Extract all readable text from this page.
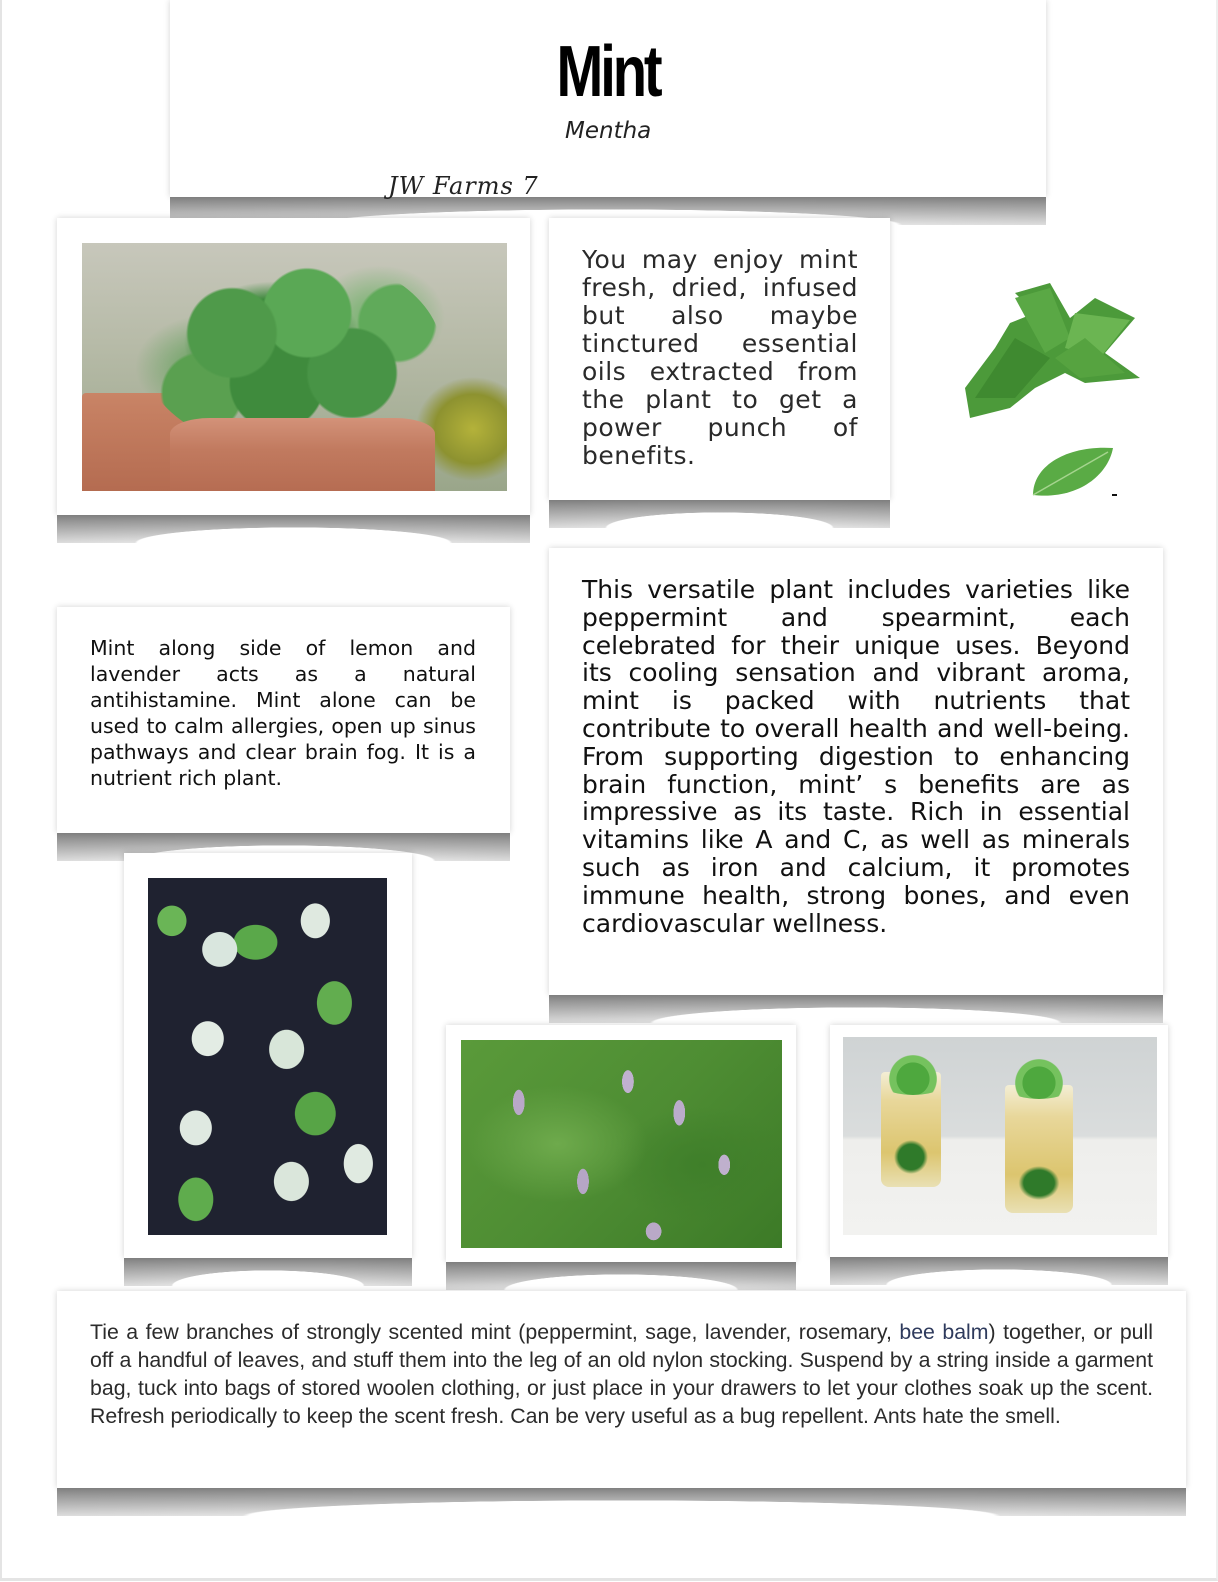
Mint
Mentha
JW Farms 7
You may enjoy mint fresh, dried, infused but also maybe tinctured essential oils extracted from the plant to get a power punch of benefits.
This versatile plant includes varieties like peppermint and spearmint, each celebrated for their unique uses. Beyond its cooling sensation and vibrant aroma, mint is packed with nutrients that contribute to overall health and well-being. From supporting digestion to enhancing brain function, mint’ s benefits are as impressive as its taste. Rich in essential vitamins like A and C, as well as minerals such as iron and calcium, it promotes immune health, strong bones, and even cardiovascular wellness.
Mint along side of lemon and lavender acts as a natural antihistamine. Mint alone can be used to calm allergies, open up sinus pathways and clear brain fog. It is a nutrient rich plant.
Tie a few branches of strongly scented mint (peppermint, sage, lavender, rosemary, bee balm) together, or pull off a handful of leaves, and stuff them into the leg of an old nylon stocking. Suspend by a string inside a garment bag, tuck into bags of stored woolen clothing, or just place in your drawers to let your clothes soak up the scent. Refresh periodically to keep the scent fresh. Can be very useful as a bug repellent. Ants hate the smell.
